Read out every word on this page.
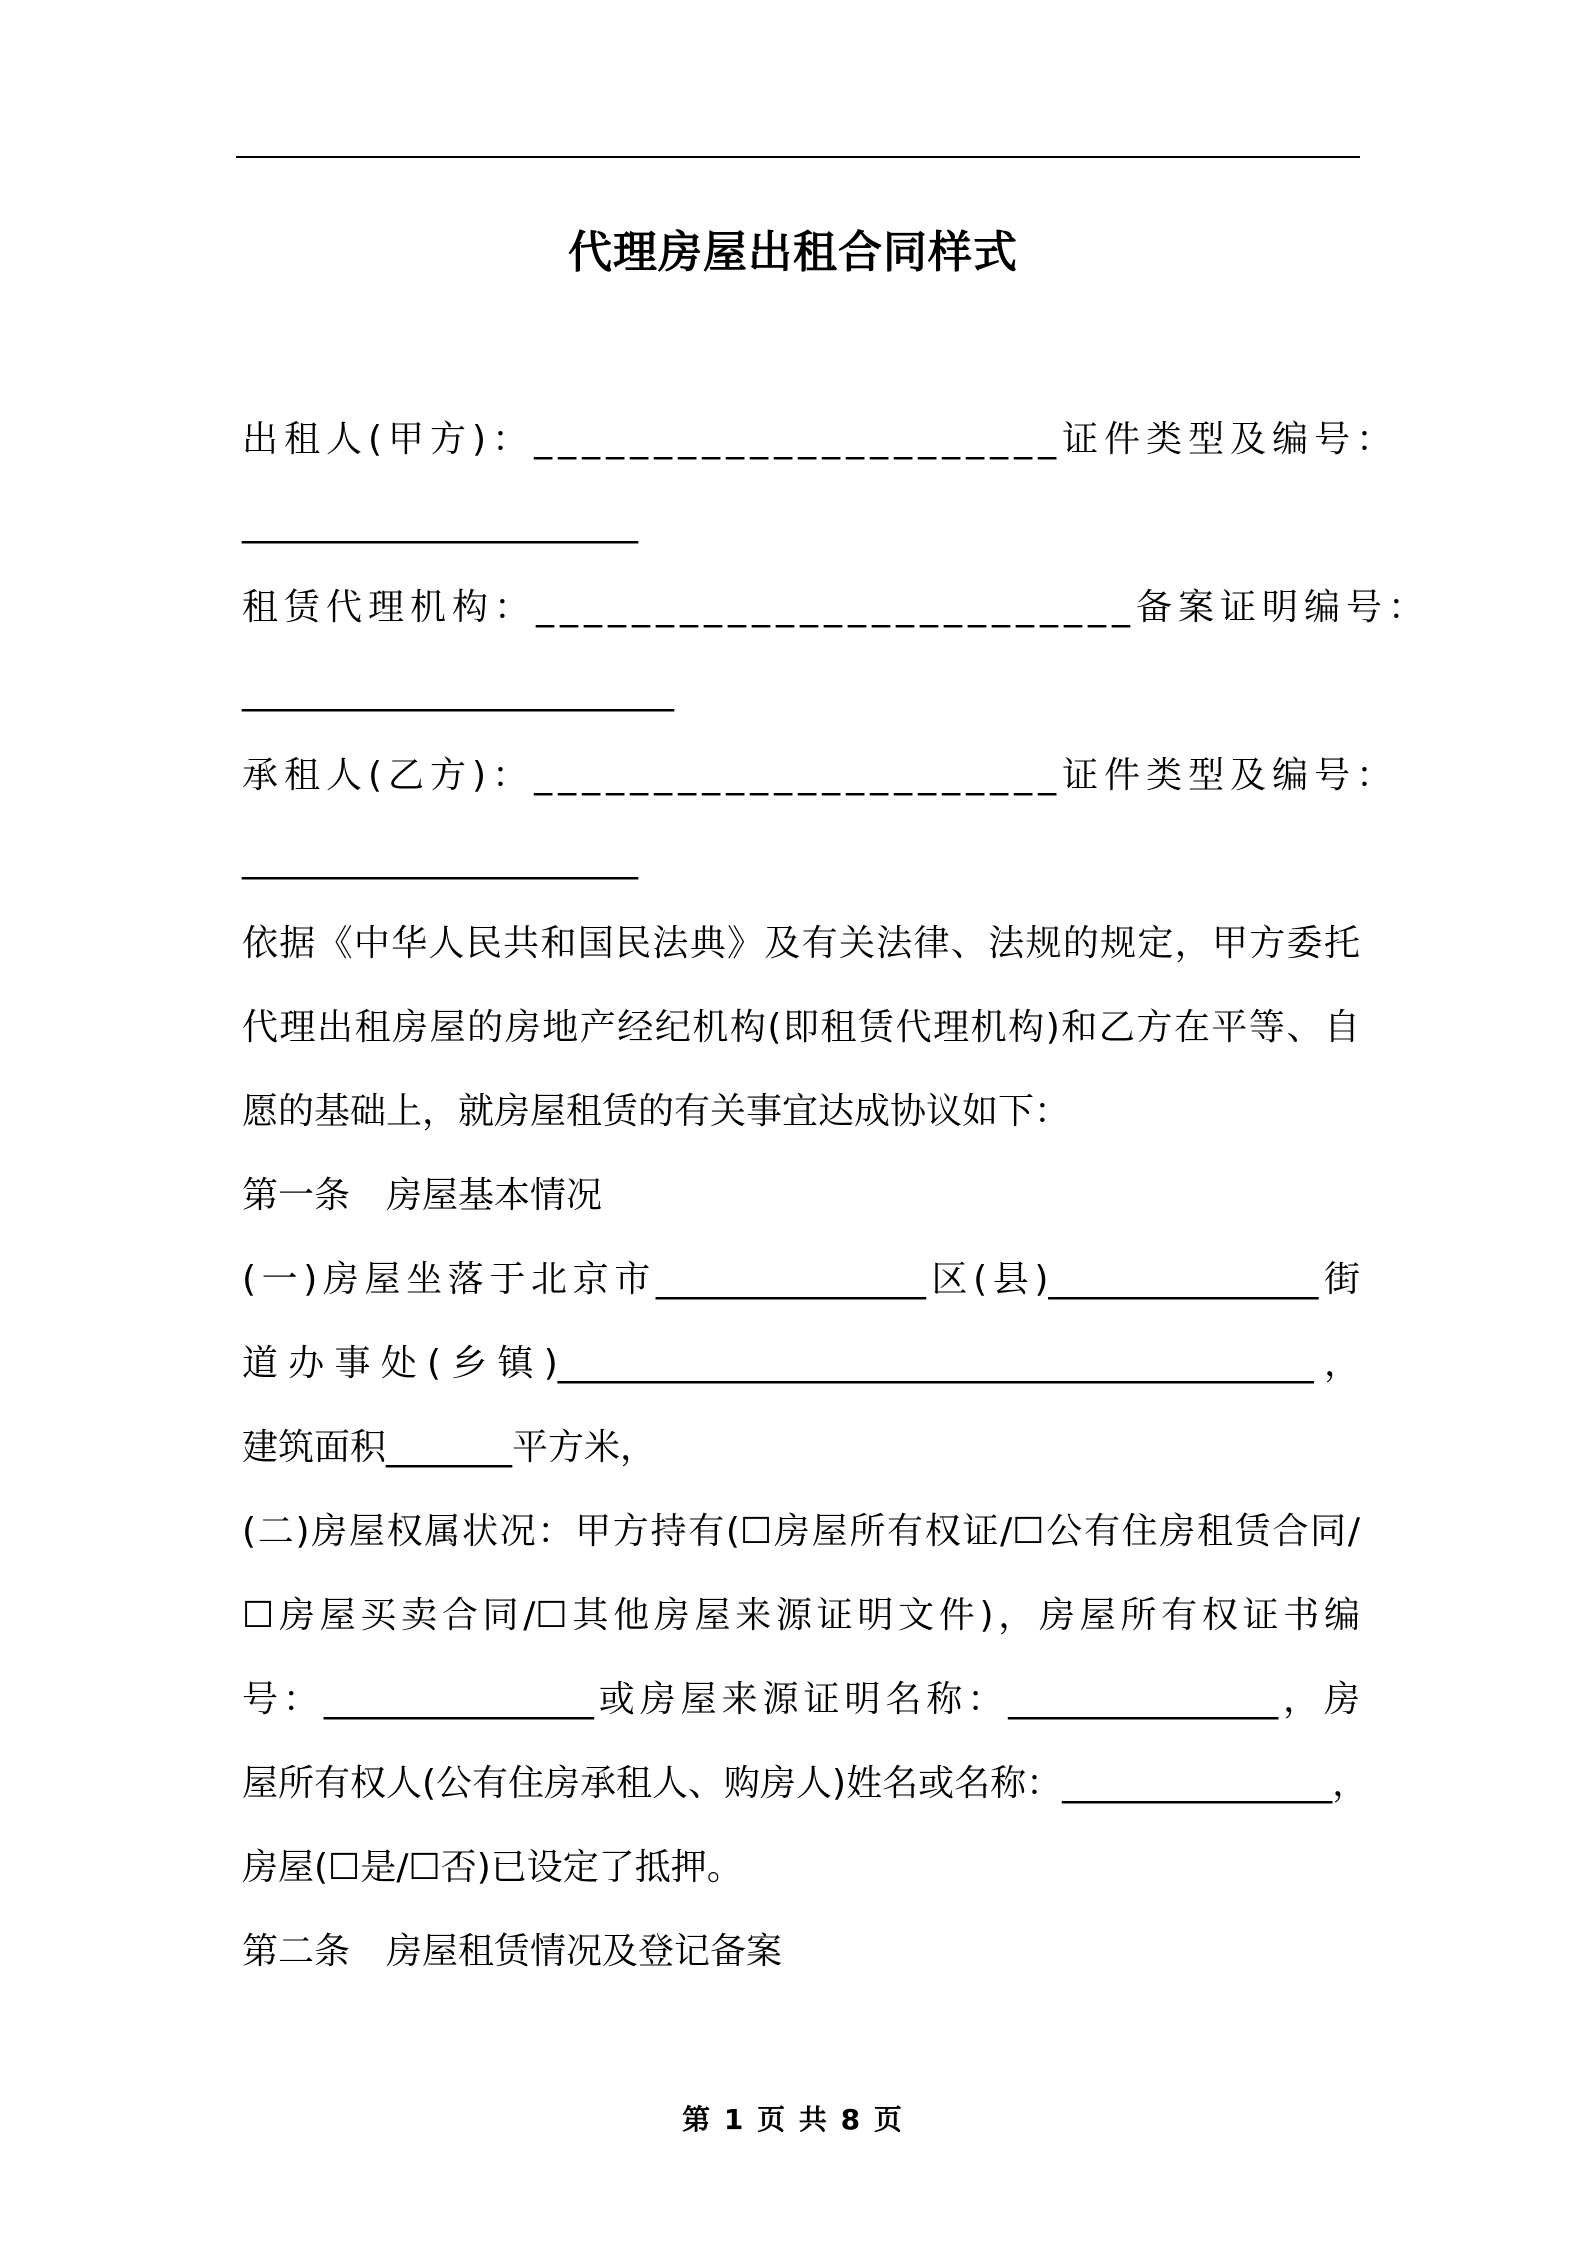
代理房屋出租合同样式
出租人(甲方)：______________________证件类型及编号：
______________________
租赁代理机构：_________________________备案证明编号：
________________________
承租人(乙方)：______________________证件类型及编号：
______________________
依据《中华人民共和国民法典》及有关法律、法规的规定，甲方委托
代理出租房屋的房地产经纪机构(即租赁代理机构)和乙方在平等、自
愿的基础上，就房屋租赁的有关事宜达成协议如下：
第一条 房屋基本情况
(一)房屋坐落于北京市_______________区(县)_______________街
道办事处(乡镇)__________________________________________，
建筑面积_______平方米，
(二)房屋权属状况：甲方持有(☐房屋所有权证/☐公有住房租赁合同/
☐房屋买卖合同/☐其他房屋来源证明文件)，房屋所有权证书编
号：_______________或房屋来源证明名称：_______________，房
屋所有权人(公有住房承租人、购房人)姓名或名称：_______________，
房屋(☐是/☐否)已设定了抵押。
第二条 房屋租赁情况及登记备案
第 1 页 共 8 页
